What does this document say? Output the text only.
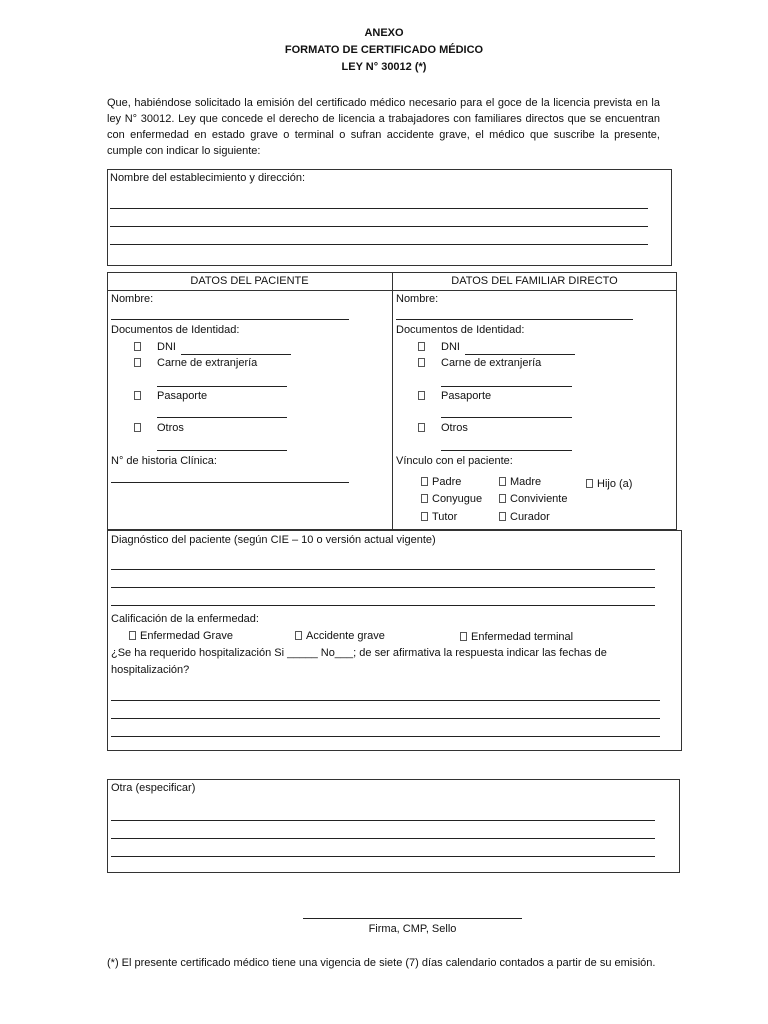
ANEXO
FORMATO DE CERTIFICADO MÉDICO
LEY N° 30012 (*)
Que, habiéndose solicitado la emisión del certificado médico necesario para el goce de la licencia prevista en la ley N° 30012. Ley que concede el derecho de licencia a trabajadores con familiares directos que se encuentran con enfermedad en estado grave o terminal o sufran accidente grave, el médico que suscribe la presente, cumple con indicar lo siguiente:
Nombre del establecimiento y dirección:
DATOS DEL PACIENTE
Nombre:
Documentos de Identidad:
DNI
Carne de extranjería
Pasaporte
Otros
N° de historia Clínica:
DATOS DEL FAMILIAR DIRECTO
Nombre:
Documentos de Identidad:
DNI
Carne de extranjería
Pasaporte
Otros
Vínculo con el paciente:
Padre	Madre	Hijo (a)
Conyugue	Conviviente
Tutor	Curador
Diagnóstico del paciente (según CIE – 10 o versión actual vigente)
Calificación de la enfermedad:
Enfermedad Grave	Accidente grave	Enfermedad terminal
¿Se ha requerido hospitalización Si _____ No___; de ser afirmativa la respuesta indicar las fechas de
hospitalización?
Otra (especificar)
Firma, CMP, Sello
(*) El presente certificado médico tiene una vigencia de siete (7) días calendario contados a partir de su emisión.
